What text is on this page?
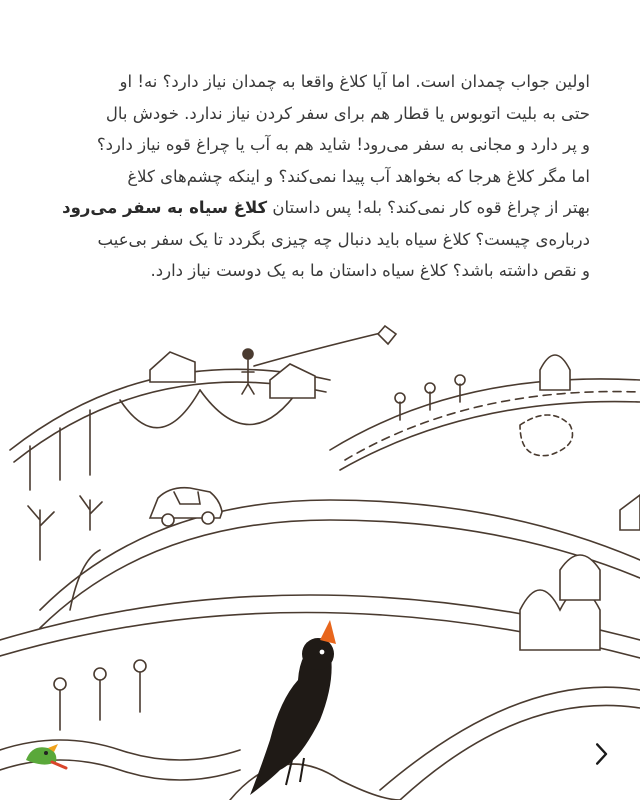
اولین جواب چمدان است. اما آیا کلاغ واقعا به چمدان نیاز دارد؟ نه! او
حتی به بلیت اتوبوس یا قطار هم برای سفر کردن نیاز ندارد. خودش بال
و پر دارد و مجانی به سفر می‌رود! شاید هم به آب یا چراغ قوه نیاز دارد؟
اما مگر کلاغ هرجا که بخواهد آب پیدا نمی‌کند؟ و اینکه چشم‌های کلاغ
بهتر از چراغ قوه کار نمی‌کند؟ بله! پس داستان کلاغ سیاه به سفر می‌رود
درباره‌ی چیست؟ کلاغ سیاه باید دنبال چه چیزی بگردد تا یک سفر بی‌عیب
و نقص داشته باشد؟ کلاغ سیاه داستان ما به یک دوست نیاز دارد.
